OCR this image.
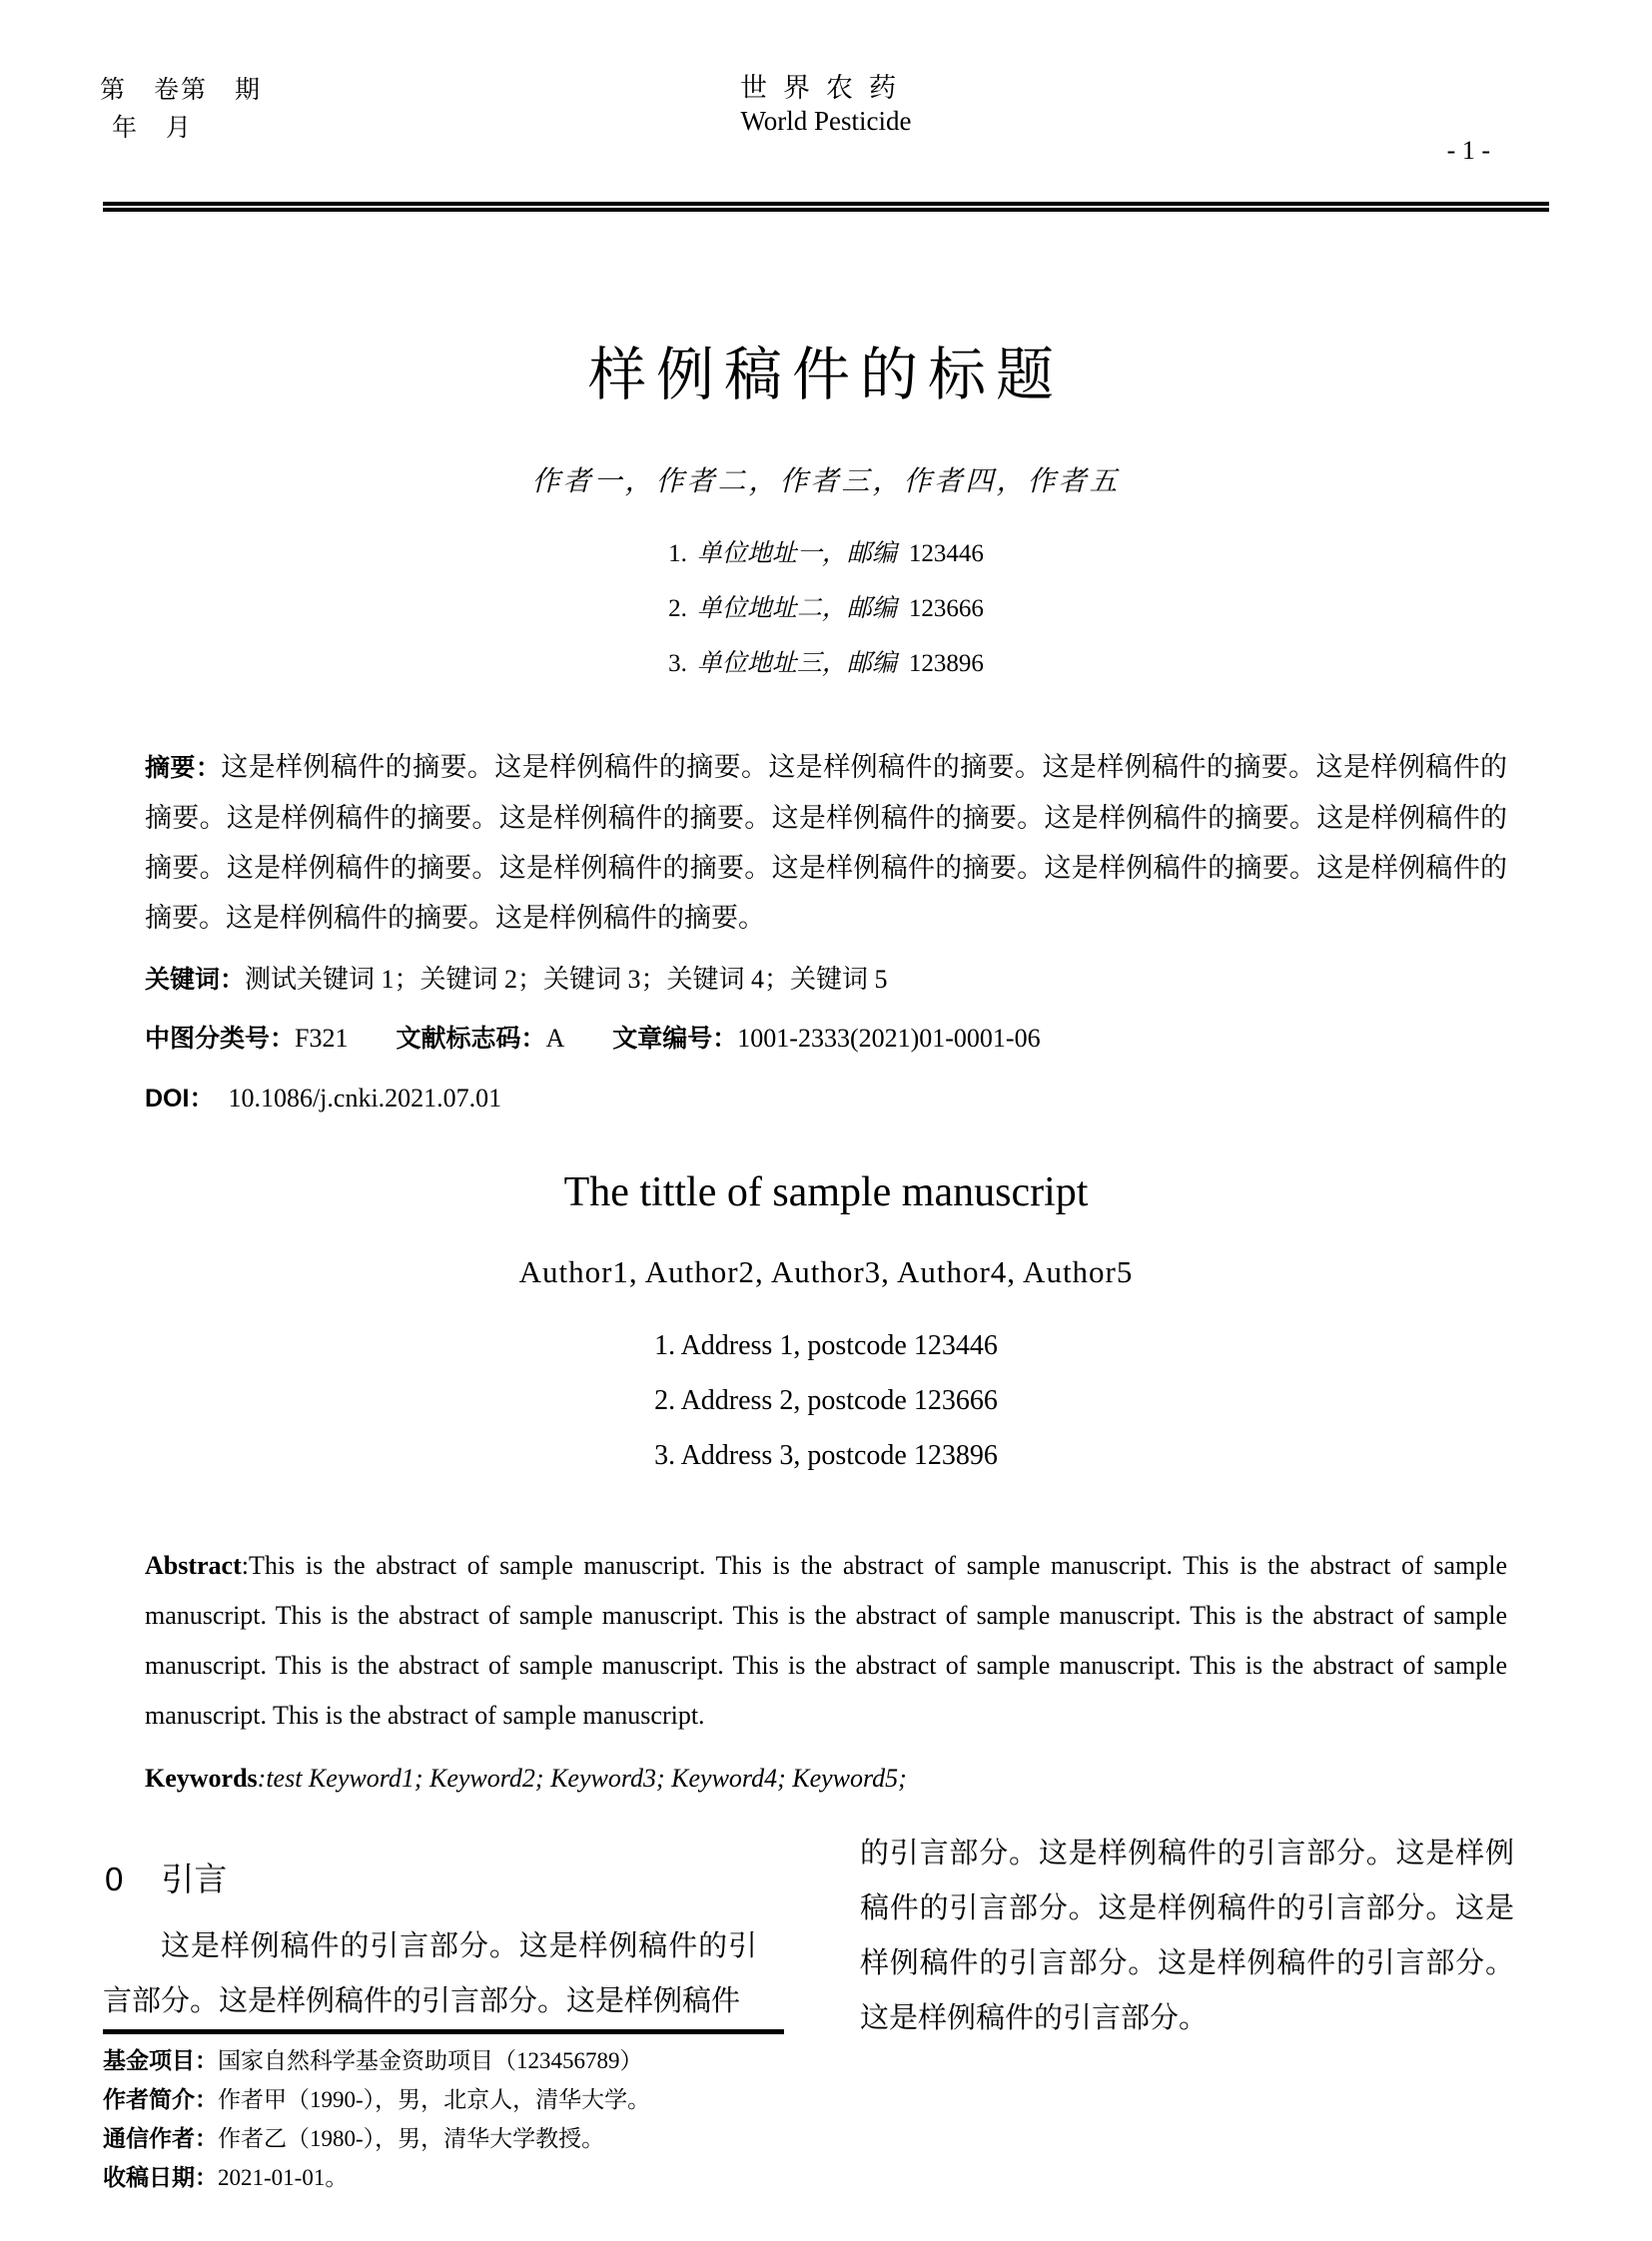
第　卷第　期
年　月
世界农药
World Pesticide
- 1 -
样例稿件的标题
作者一，作者二，作者三，作者四，作者五
1. 单位地址一，邮编 123446
2. 单位地址二，邮编 123666
3. 单位地址三，邮编 123896

摘要：这是样例稿件的摘要。这是样例稿件的摘要。这是样例稿件的摘要。这是样例稿件的摘要。这是样例稿件的摘要。这是样例稿件的摘要。这是样例稿件的摘要。这是样例稿件的摘要。这是样例稿件的摘要。这是样例稿件的摘要。这是样例稿件的摘要。这是样例稿件的摘要。这是样例稿件的摘要。这是样例稿件的摘要。这是样例稿件的摘要。这是样例稿件的摘要。这是样例稿件的摘要。

关键词：测试关键词 1；关键词 2；关键词 3；关键词 4；关键词 5

中图分类号：F321 文献标志码：A 文章编号：1001-2333(2021)01-0001-06

DOI： 10.1086/j.cnki.2021.07.01

The tittle of sample manuscript
Author1, Author2, Author3, Author4, Author5
1. Address 1, postcode 123446
2. Address 2, postcode 123666
3. Address 3, postcode 123896

Abstract:This is the abstract of sample manuscript. This is the abstract of sample manuscript. This is the abstract of sample manuscript. This is the abstract of sample manuscript. This is the abstract of sample manuscript. This is the abstract of sample manuscript. This is the abstract of sample manuscript. This is the abstract of sample manuscript. This is the abstract of sample manuscript. This is the abstract of sample manuscript.

Keywords:test Keyword1; Keyword2; Keyword3; Keyword4; Keyword5;

0 引言

这是样例稿件的引言部分。这是样例稿件的引言部分。这是样例稿件的引言部分。这是样例稿件

的引言部分。这是样例稿件的引言部分。这是样例稿件的引言部分。这是样例稿件的引言部分。这是样例稿件的引言部分。这是样例稿件的引言部分。这是样例稿件的引言部分。

基金项目：国家自然科学基金资助项目（123456789）

作者简介：作者甲（1990-），男，北京人，清华大学。

通信作者：作者乙（1980-），男，清华大学教授。

收稿日期：2021-01-01。
